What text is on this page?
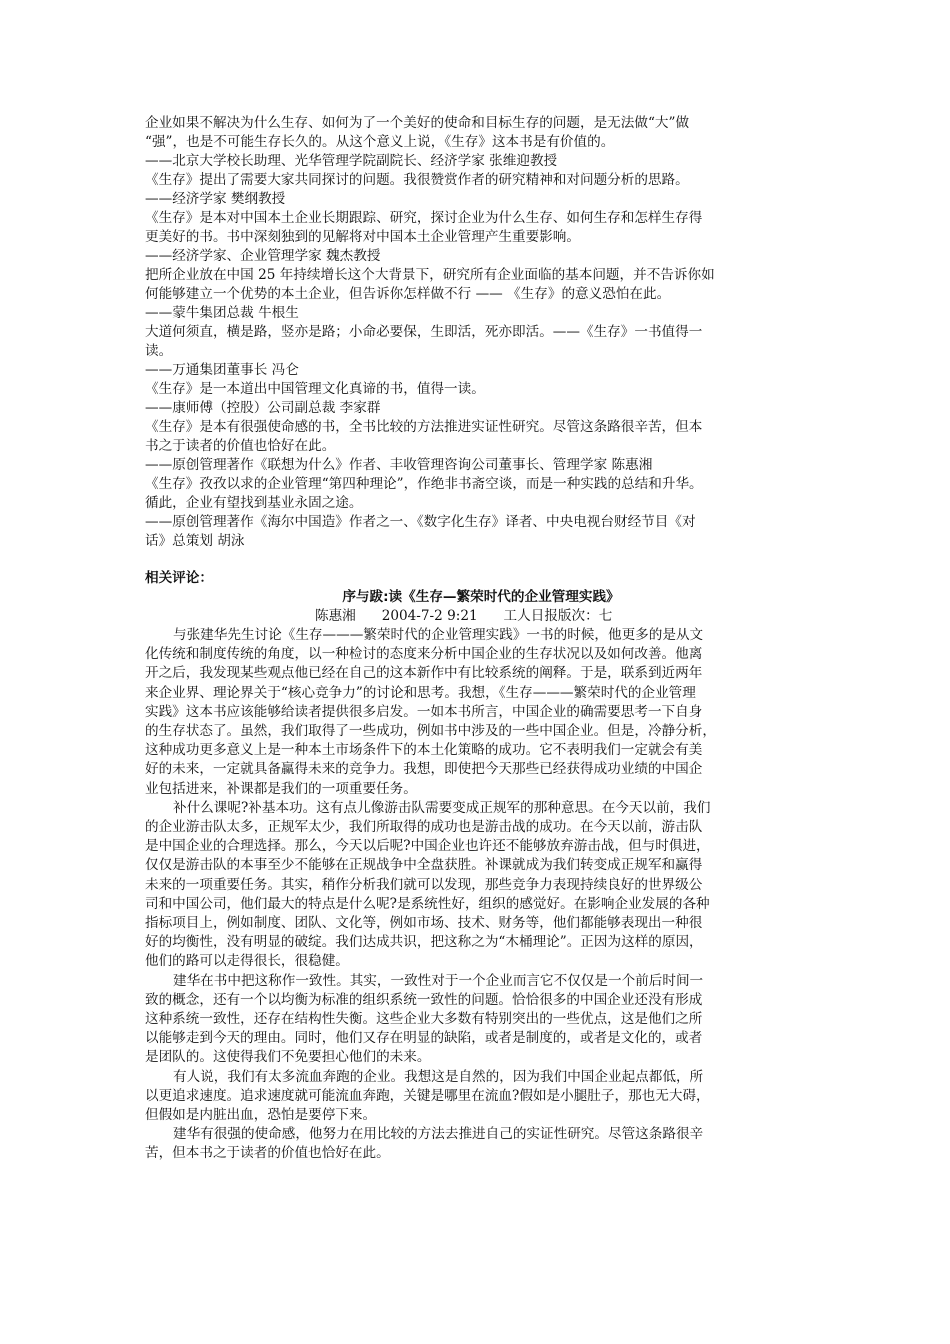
企业如果不解决为什么生存、如何为了一个美好的使命和目标生存的问题，是无法做“大”做

“强”，也是不可能生存长久的。从这个意义上说，《生存》这本书是有价值的。

——北京大学校长助理、光华管理学院副院长、经济学家 张维迎教授

《生存》提出了需要大家共同探讨的问题。我很赞赏作者的研究精神和对问题分析的思路。

——经济学家 樊纲教授

《生存》是本对中国本土企业长期跟踪、研究，探讨企业为什么生存、如何生存和怎样生存得

更美好的书。书中深刻独到的见解将对中国本土企业管理产生重要影响。

——经济学家、企业管理学家 魏杰教授

把所企业放在中国 25 年持续增长这个大背景下，研究所有企业面临的基本问题，并不告诉你如

何能够建立一个优势的本土企业，但告诉你怎样做不行 —— 《生存》的意义恐怕在此。

——蒙牛集团总裁 牛根生

大道何须直，横是路，竖亦是路；小命必要保，生即活，死亦即活。——《生存》一书值得一

读。

——万通集团董事长 冯仑

《生存》是一本道出中国管理文化真谛的书，值得一读。

——康师傅（控股）公司副总裁 李家群

《生存》是本有很强使命感的书，全书比较的方法推进实证性研究。尽管这条路很辛苦，但本

书之于读者的价值也恰好在此。

——原创管理著作《联想为什么》作者、丰收管理咨询公司董事长、管理学家 陈惠湘

《生存》孜孜以求的企业管理“第四种理论”，作绝非书斋空谈，而是一种实践的总结和升华。

循此，企业有望找到基业永固之途。

——原创管理著作《海尔中国造》作者之一、《数字化生存》译者、中央电视台财经节目《对

话》总策划 胡泳

相关评论：

序与跋:读《生存—繁荣时代的企业管理实践》

陈惠湘      2004-7-2 9:21      工人日报版次：七

与张建华先生讨论《生存———繁荣时代的企业管理实践》一书的时候，他更多的是从文

化传统和制度传统的角度，以一种检讨的态度来分析中国企业的生存状况以及如何改善。他离

开之后，我发现某些观点他已经在自己的这本新作中有比较系统的阐释。于是，联系到近两年

来企业界、理论界关于“核心竞争力”的讨论和思考。我想，《生存———繁荣时代的企业管理

实践》这本书应该能够给读者提供很多启发。一如本书所言，中国企业的确需要思考一下自身

的生存状态了。虽然，我们取得了一些成功，例如书中涉及的一些中国企业。但是，冷静分析，

这种成功更多意义上是一种本土市场条件下的本土化策略的成功。它不表明我们一定就会有美

好的未来，一定就具备赢得未来的竞争力。我想，即使把今天那些已经获得成功业绩的中国企

业包括进来，补课都是我们的一项重要任务。

补什么课呢?补基本功。这有点儿像游击队需要变成正规军的那种意思。在今天以前，我们

的企业游击队太多，正规军太少，我们所取得的成功也是游击战的成功。在今天以前，游击队

是中国企业的合理选择。那么，今天以后呢?中国企业也许还不能够放弃游击战，但与时俱进，

仅仅是游击队的本事至少不能够在正规战争中全盘获胜。补课就成为我们转变成正规军和赢得

未来的一项重要任务。其实，稍作分析我们就可以发现，那些竞争力表现持续良好的世界级公

司和中国公司，他们最大的特点是什么呢?是系统性好，组织的感觉好。在影响企业发展的各种

指标项目上，例如制度、团队、文化等，例如市场、技术、财务等，他们都能够表现出一种很

好的均衡性，没有明显的破绽。我们达成共识，把这称之为“木桶理论”。正因为这样的原因，

他们的路可以走得很长，很稳健。

建华在书中把这称作一致性。其实，一致性对于一个企业而言它不仅仅是一个前后时间一

致的概念，还有一个以均衡为标准的组织系统一致性的问题。恰恰很多的中国企业还没有形成

这种系统一致性，还存在结构性失衡。这些企业大多数有特别突出的一些优点，这是他们之所

以能够走到今天的理由。同时，他们又存在明显的缺陷，或者是制度的，或者是文化的，或者

是团队的。这使得我们不免要担心他们的未来。

有人说，我们有太多流血奔跑的企业。我想这是自然的，因为我们中国企业起点都低，所

以更追求速度。追求速度就可能流血奔跑，关键是哪里在流血?假如是小腿肚子，那也无大碍，

但假如是内脏出血，恐怕是要停下来。

建华有很强的使命感，他努力在用比较的方法去推进自己的实证性研究。尽管这条路很辛

苦，但本书之于读者的价值也恰好在此。
